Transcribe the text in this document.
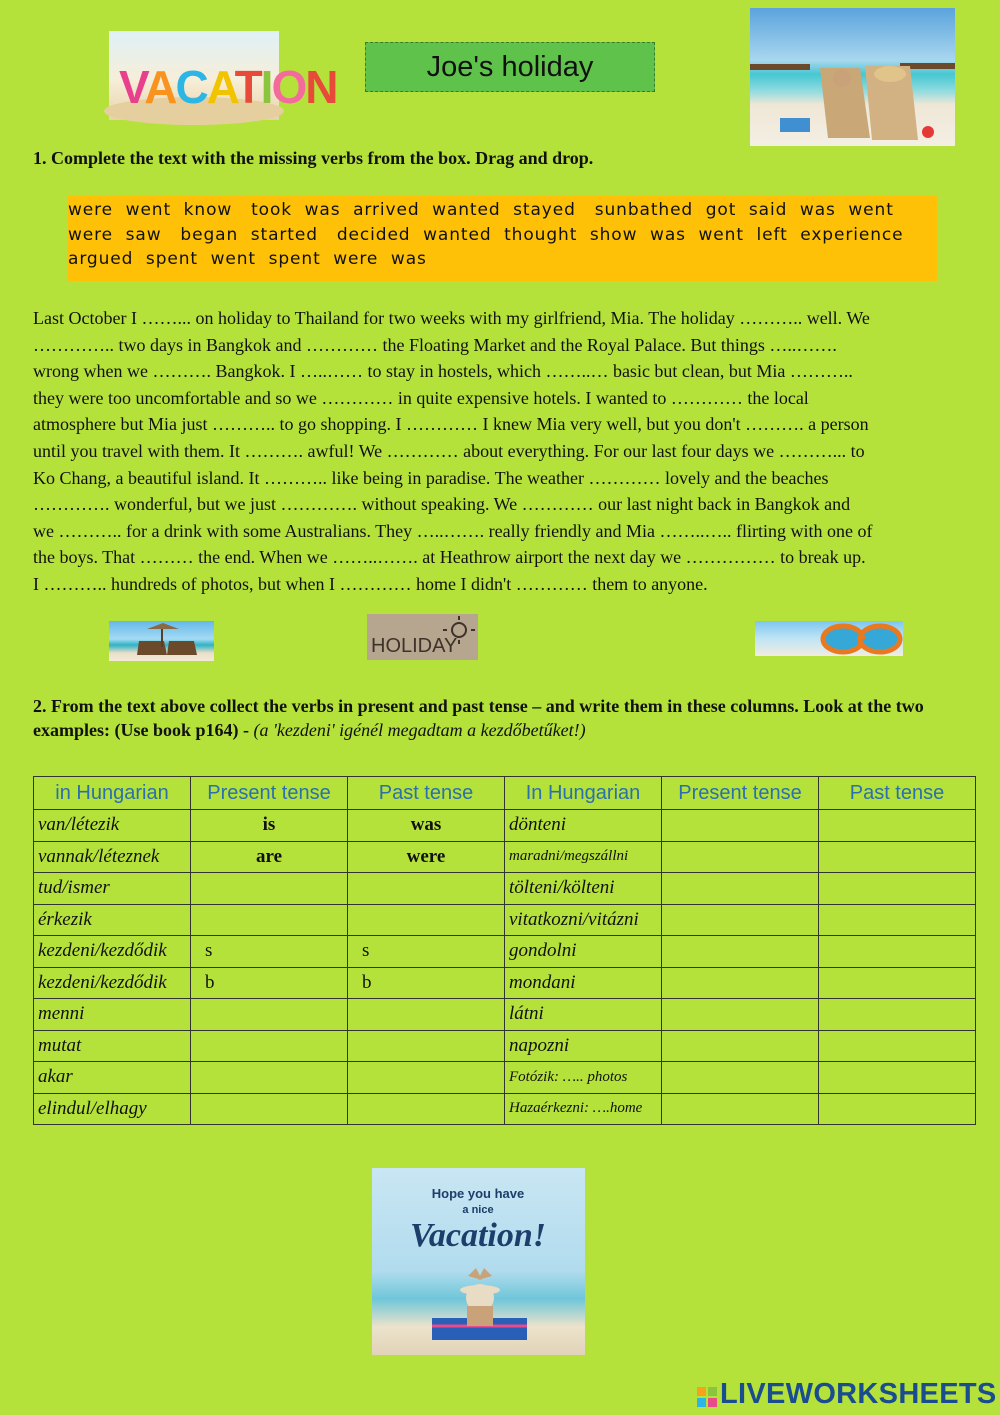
VACATION	Joe's holiday
1. Complete the text with the missing verbs from the box. Drag and drop.
were  went  know   took  was  arrived  wanted  stayed   sunbathed  got  said  was  went
were  saw   began  started   decided  wanted  thought  show  was  went  left  experience
argued  spent  went  spent  were  was
Last October I ……... on holiday to Thailand for two weeks with my girlfriend, Mia. The holiday ……….. well. We
………….. two days in Bangkok and ………… the Floating Market and the Royal Palace. But things …..…….
wrong when we ………. Bangkok. I …..…… to stay in hostels, which ……..… basic but clean, but Mia ………..
they were too uncomfortable and so we ………… in quite expensive hotels. I wanted to ………… the local
atmosphere but Mia just ……….. to go shopping. I ………… I knew Mia very well, but you don't ………. a person
until you travel with them. It ………. awful! We ………… about everything. For our last four days we ………... to
Ko Chang, a beautiful island. It ……….. like being in paradise. The weather ………… lovely and the beaches
…………. wonderful, but we just …………. without speaking. We ………… our last night back in Bangkok and
we ……….. for a drink with some Australians. They …..……. really friendly and Mia ……..….. flirting with one of
the boys. That ……… the end. When we ……..……. at Heathrow airport the next day we …………… to break up.
I ……….. hundreds of photos, but when I ………… home I didn't ………… them to anyone.
HOLIDAY
2. From the text above collect the verbs in present and past tense – and write them in these columns. Look at the two examples: (Use book p164) - (a 'kezdeni' igénél megadtam a kezdőbetűket!)
in Hungarian	Present tense	Past tense	In Hungarian	Present tense	Past tense
van/létezik	is	was	dönteni		
vannak/léteznek	are	were	maradni/megszállni		
tud/ismer			tölteni/költeni		
érkezik			vitatkozni/vitázni		
kezdeni/kezdődik	s	s	gondolni		
kezdeni/kezdődik	b	b	mondani		
menni			látni		
mutat			napozni		
akar			Fotózik: ….. photos		
elindul/elhagy			Hazaérkezni: ….home		
Hope you have
a nice
Vacation!
LIVEWORKSHEETS
